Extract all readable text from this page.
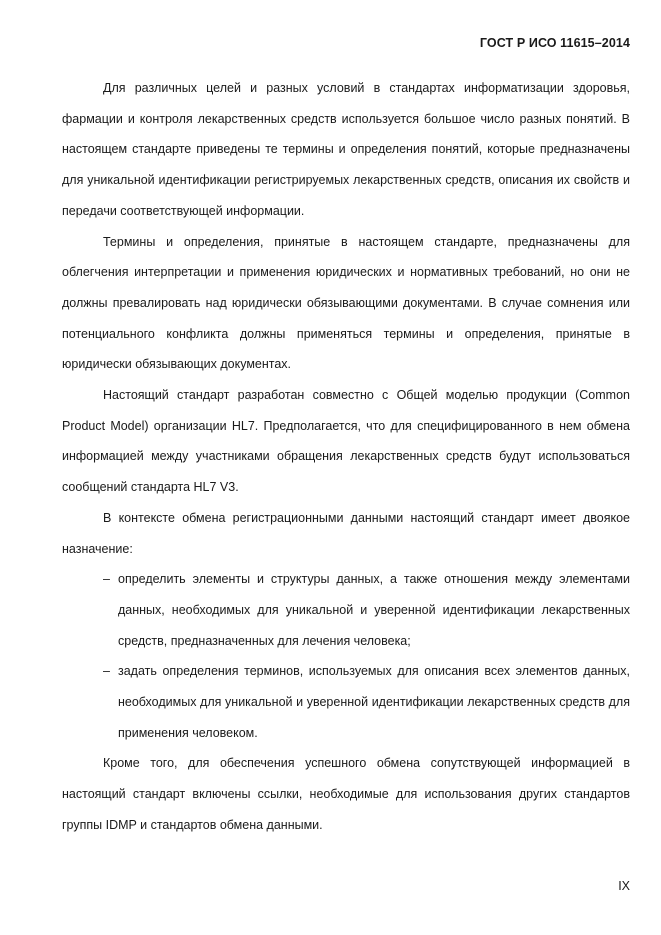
ГОСТ Р ИСО 11615–2014

Для различных целей и разных условий в стандартах информатизации здоровья, фармации и контроля лекарственных средств используется большое число разных понятий. В настоящем стандарте приведены те термины и определения понятий, которые предназначены для уникальной идентификации регистрируемых лекарственных средств, описания их свойств и передачи соответствующей информации.

Термины и определения, принятые в настоящем стандарте, предназначены для облегчения интерпретации и применения юридических и нормативных требований, но они не должны превалировать над юридически обязывающими документами. В случае сомнения или потенциального конфликта должны применяться термины и определения, принятые в юридически обязывающих документах.

Настоящий стандарт разработан совместно с Общей моделью продукции (Common Product Model) организации HL7. Предполагается, что для специфицированного в нем обмена информацией между участниками обращения лекарственных средств будут использоваться сообщений стандарта HL7 V3.

В контексте обмена регистрационными данными настоящий стандарт имеет двоякое назначение:

– определить элементы и структуры данных, а также отношения между элементами данных, необходимых для уникальной и уверенной идентификации лекарственных средств, предназначенных для лечения человека;
– задать определения терминов, используемых для описания всех элементов данных, необходимых для уникальной и уверенной идентификации лекарственных средств для применения человеком.

Кроме того, для обеспечения успешного обмена сопутствующей информацией в настоящий стандарт включены ссылки, необходимые для использования других стандартов группы IDMP и стандартов обмена данными.

IX
